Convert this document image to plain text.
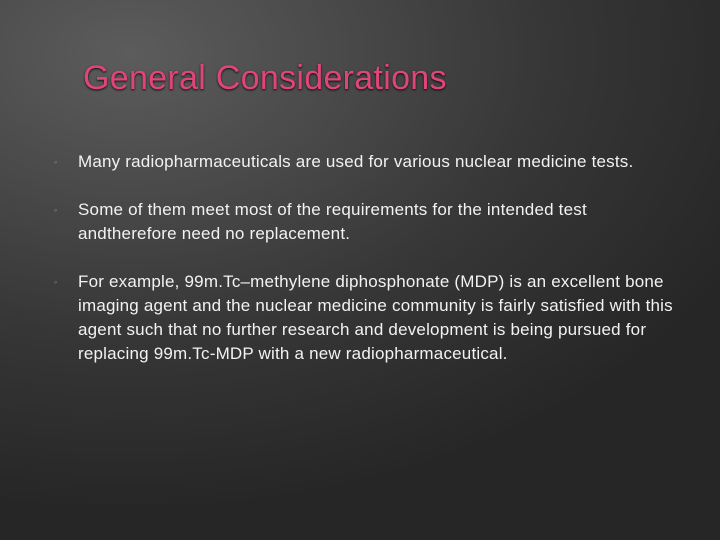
General Considerations
◦	Many radiopharmaceuticals are used for various nuclear medicine tests.
◦	Some of them meet most of the requirements for the intended test andtherefore need no replacement.
◦	For example, 99m.Tc–methylene diphosphonate (MDP) is an excellent bone imaging agent and the nuclear medicine community is fairly satisfied with this agent such that no further research and development is being pursued for replacing 99m.Tc-MDP with a new radiopharmaceutical.
